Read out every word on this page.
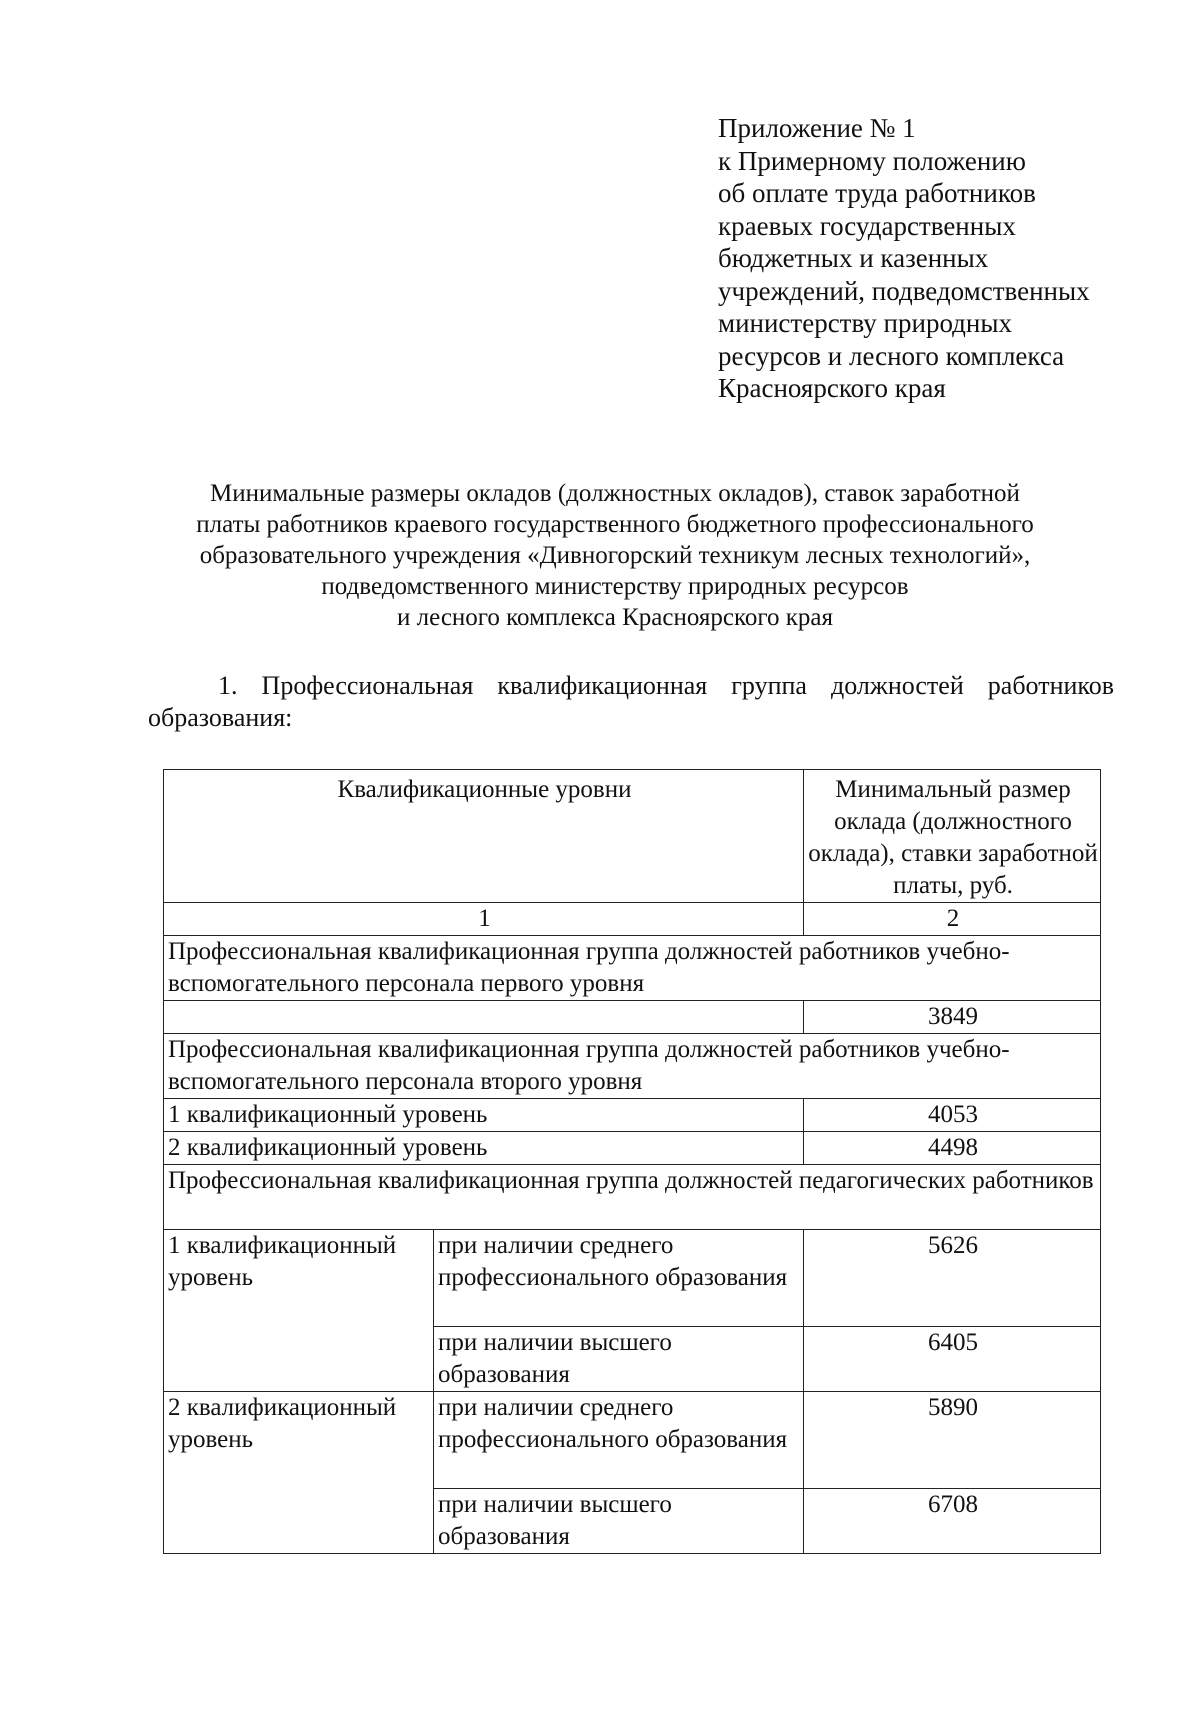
Приложение № 1
к Примерному положению
об оплате труда работников
краевых государственных
бюджетных и казенных
учреждений, подведомственных
министерству природных
ресурсов и лесного комплекса
Красноярского края
Минимальные размеры окладов (должностных окладов), ставок заработной
платы работников краевого государственного бюджетного профессионального
образовательного учреждения «Дивногорский техникум лесных технологий»,
подведомственного министерству природных ресурсов
и лесного комплекса Красноярского края
1. Профессиональная квалификационная группа должностей работников
образования:
Квалификационные уровни		Минимальный размер оклада (должностного оклада), ставки заработной платы, руб.
1		2
Профессиональная квалификационная группа должностей работников учебно-вспомогательного персонала первого уровня		
		3849
Профессиональная квалификационная группа должностей работников учебно-вспомогательного персонала второго уровня		
1 квалификационный уровень		4053
2 квалификационный уровень		4498
Профессиональная квалификационная группа должностей педагогических работников		
1 квалификационный уровень	при наличии среднего профессионального образования	5626
	при наличии высшего образования	6405
2 квалификационный уровень	при наличии среднего профессионального образования	5890
	при наличии высшего образования	6708
